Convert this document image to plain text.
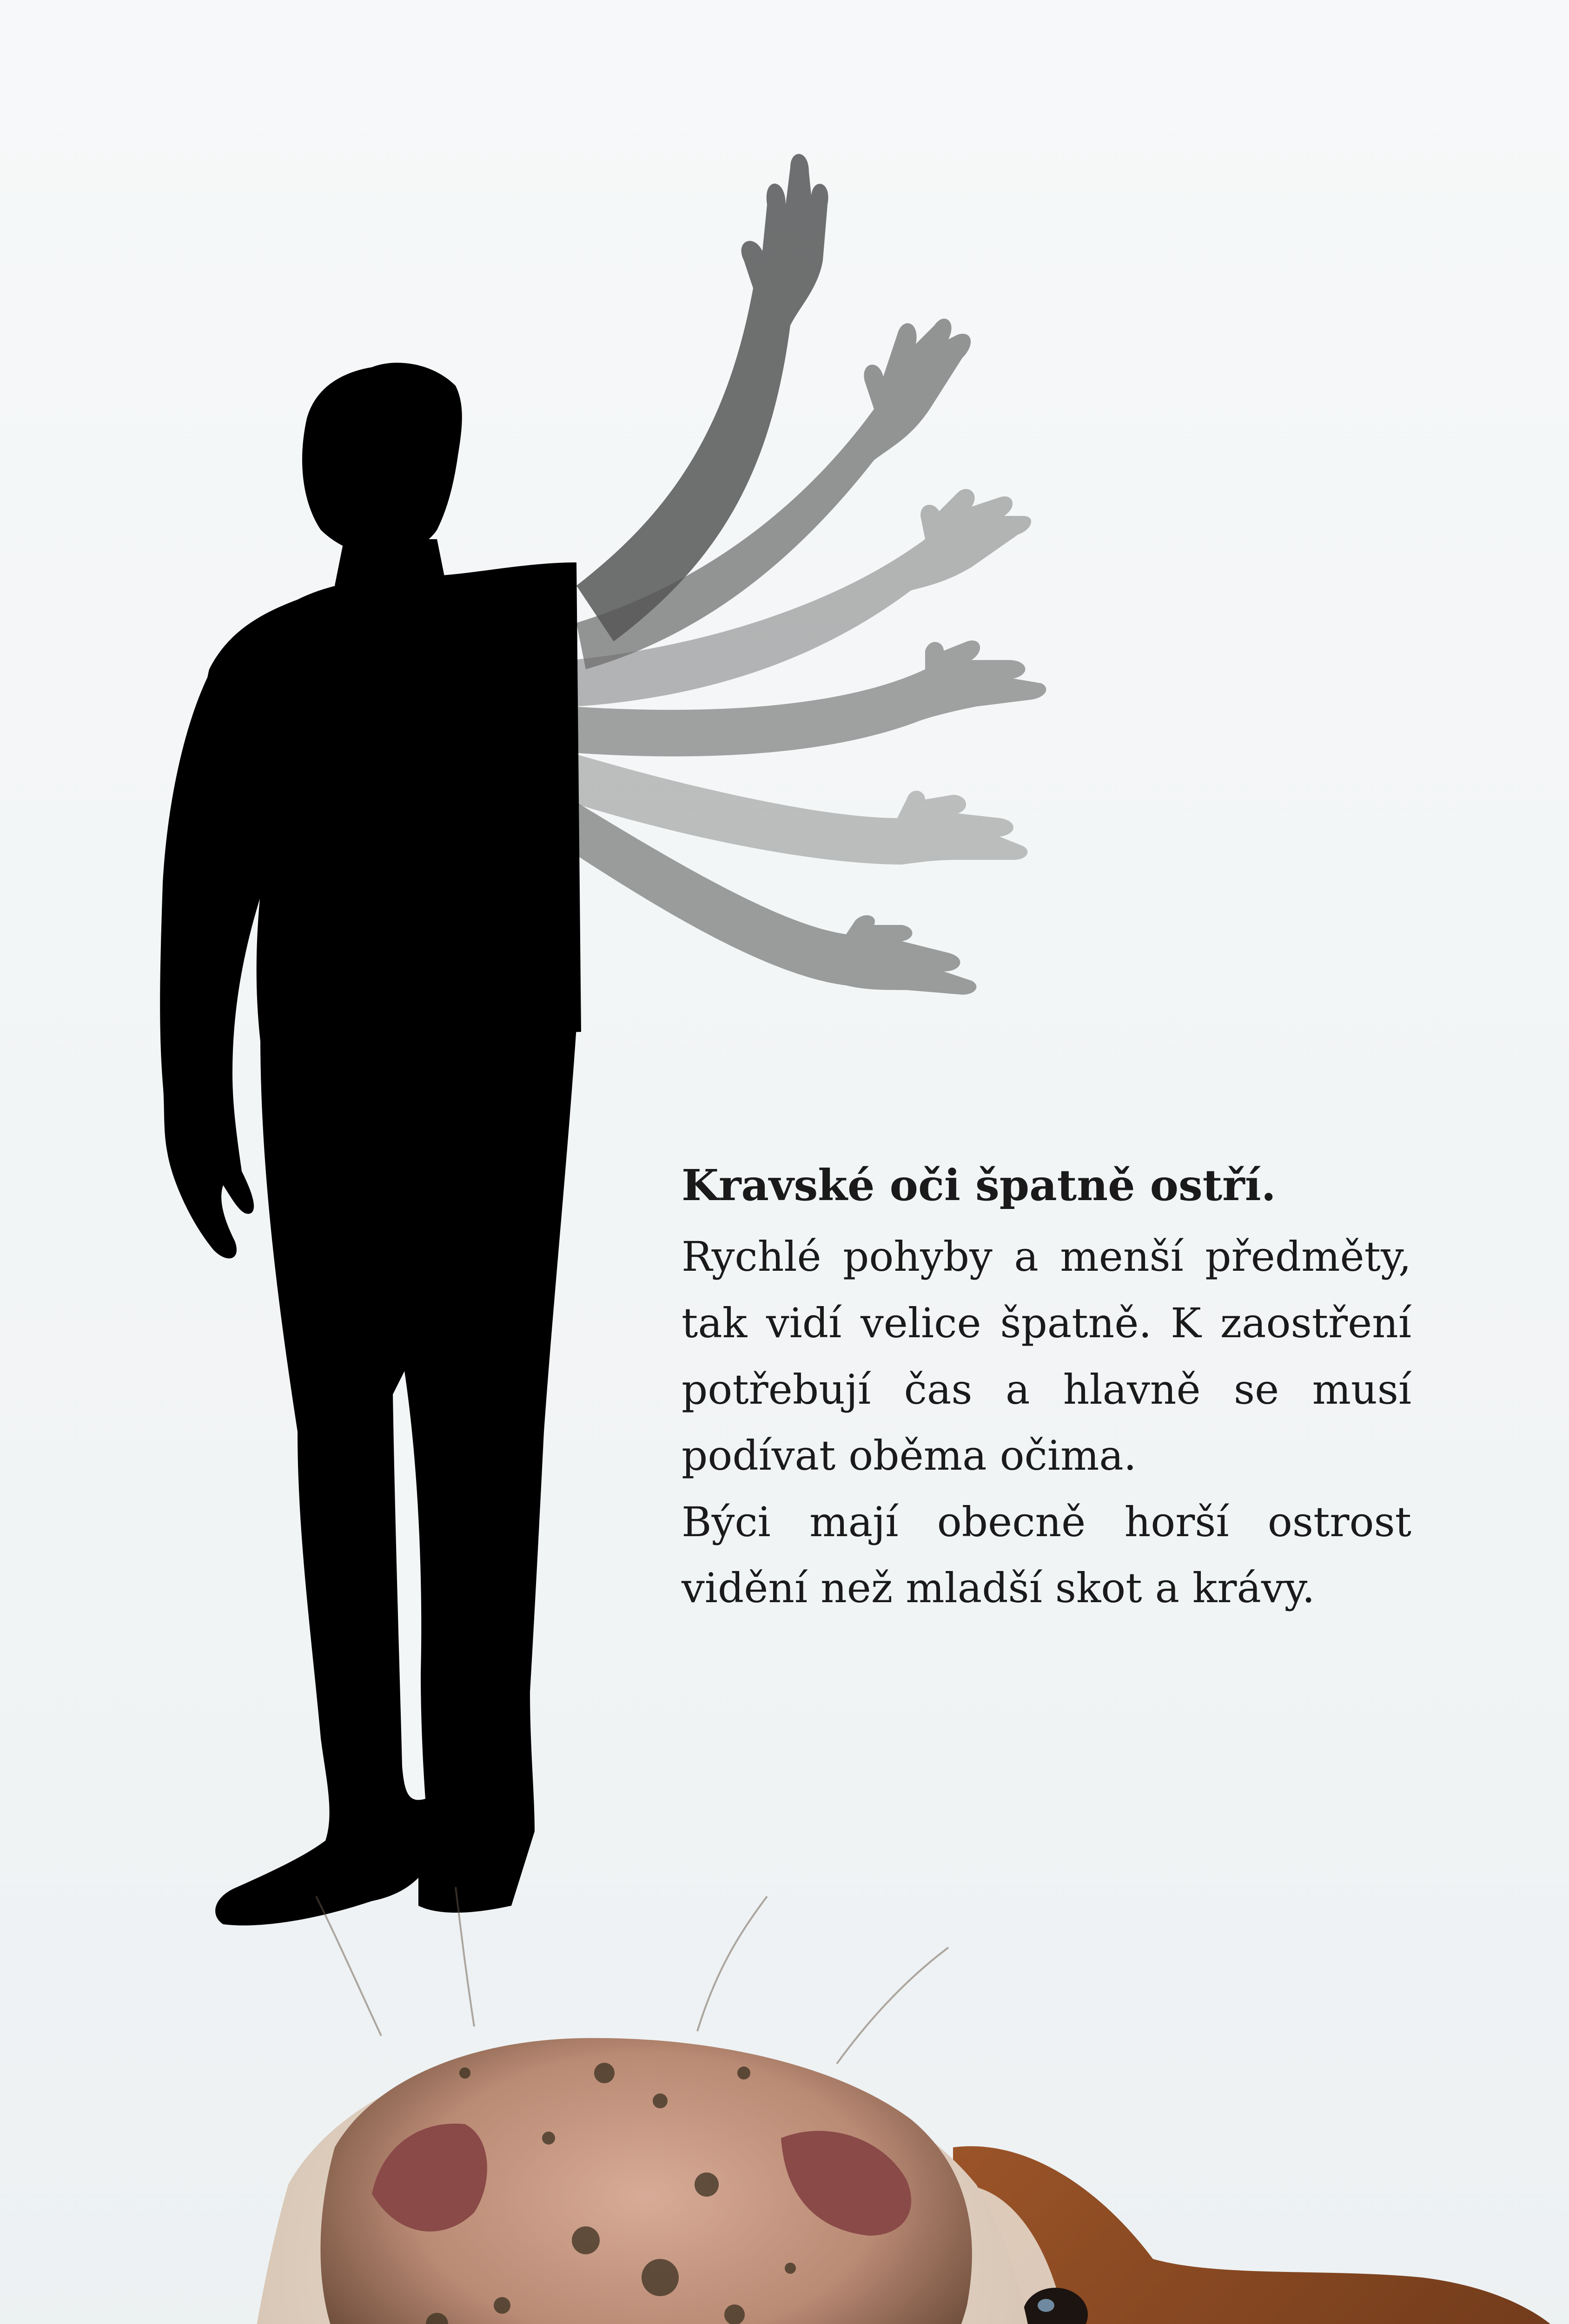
Kravské oči špatně ostří.

Rychlé pohyby a menší předměty, tak vidí velice špatně. K zaostření potřebují čas a hlavně se musí podívat oběma očima.

Býci mají obecně horší ostrost vidění než mladší skot a krávy.
